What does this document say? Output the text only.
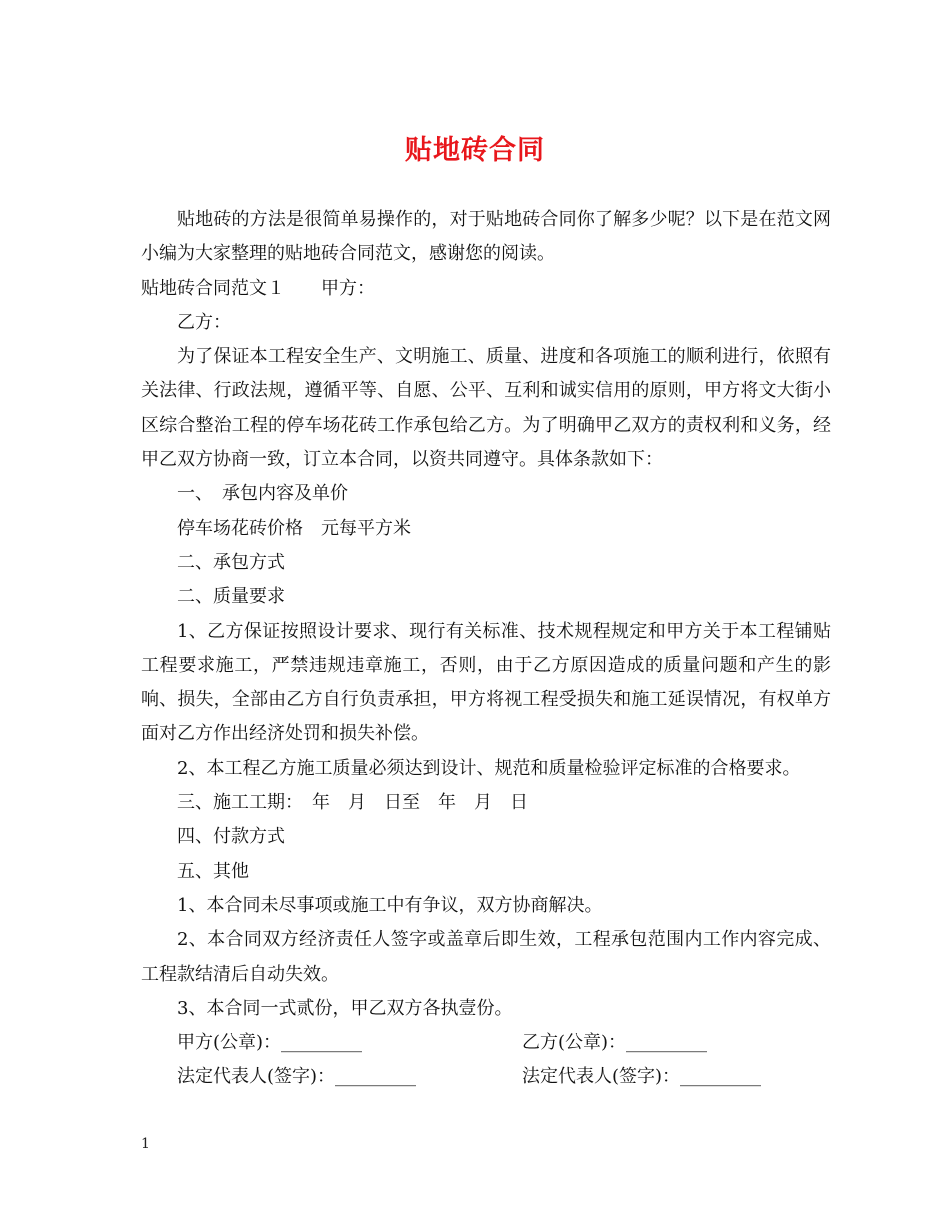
贴地砖合同

贴地砖的方法是很简单易操作的，对于贴地砖合同你了解多少呢？以下是在范文网小编为大家整理的贴地砖合同范文，感谢您的阅读。

贴地砖合同范文１　　甲方：

乙方：

为了保证本工程安全生产、文明施工、质量、进度和各项施工的顺利进行，依照有关法律、行政法规，遵循平等、自愿、公平、互利和诚实信用的原则，甲方将文大街小区综合整治工程的停车场花砖工作承包给乙方。为了明确甲乙双方的责权利和义务，经甲乙双方协商一致，订立本合同，以资共同遵守。具体条款如下：

一、　承包内容及单价

停车场花砖价格　元每平方米

二、承包方式

二、质量要求

1、乙方保证按照设计要求、现行有关标准、技术规程规定和甲方关于本工程铺贴工程要求施工，严禁违规违章施工，否则，由于乙方原因造成的质量问题和产生的影响、损失，全部由乙方自行负责承担，甲方将视工程受损失和施工延误情况，有权单方面对乙方作出经济处罚和损失补偿。

2、本工程乙方施工质量必须达到设计、规范和质量检验评定标准的合格要求。

三、施工工期：　年　月　日至　年　月　日

四、付款方式

五、其他

1、本合同未尽事项或施工中有争议，双方协商解决。

2、本合同双方经济责任人签字或盖章后即生效，工程承包范围内工作内容完成、工程款结清后自动失效。

3、本合同一式贰份，甲乙双方各执壹份。

甲方(公章)：_________	乙方(公章)：_________
法定代表人(签字)：_________	法定代表人(签字)：_________
1
